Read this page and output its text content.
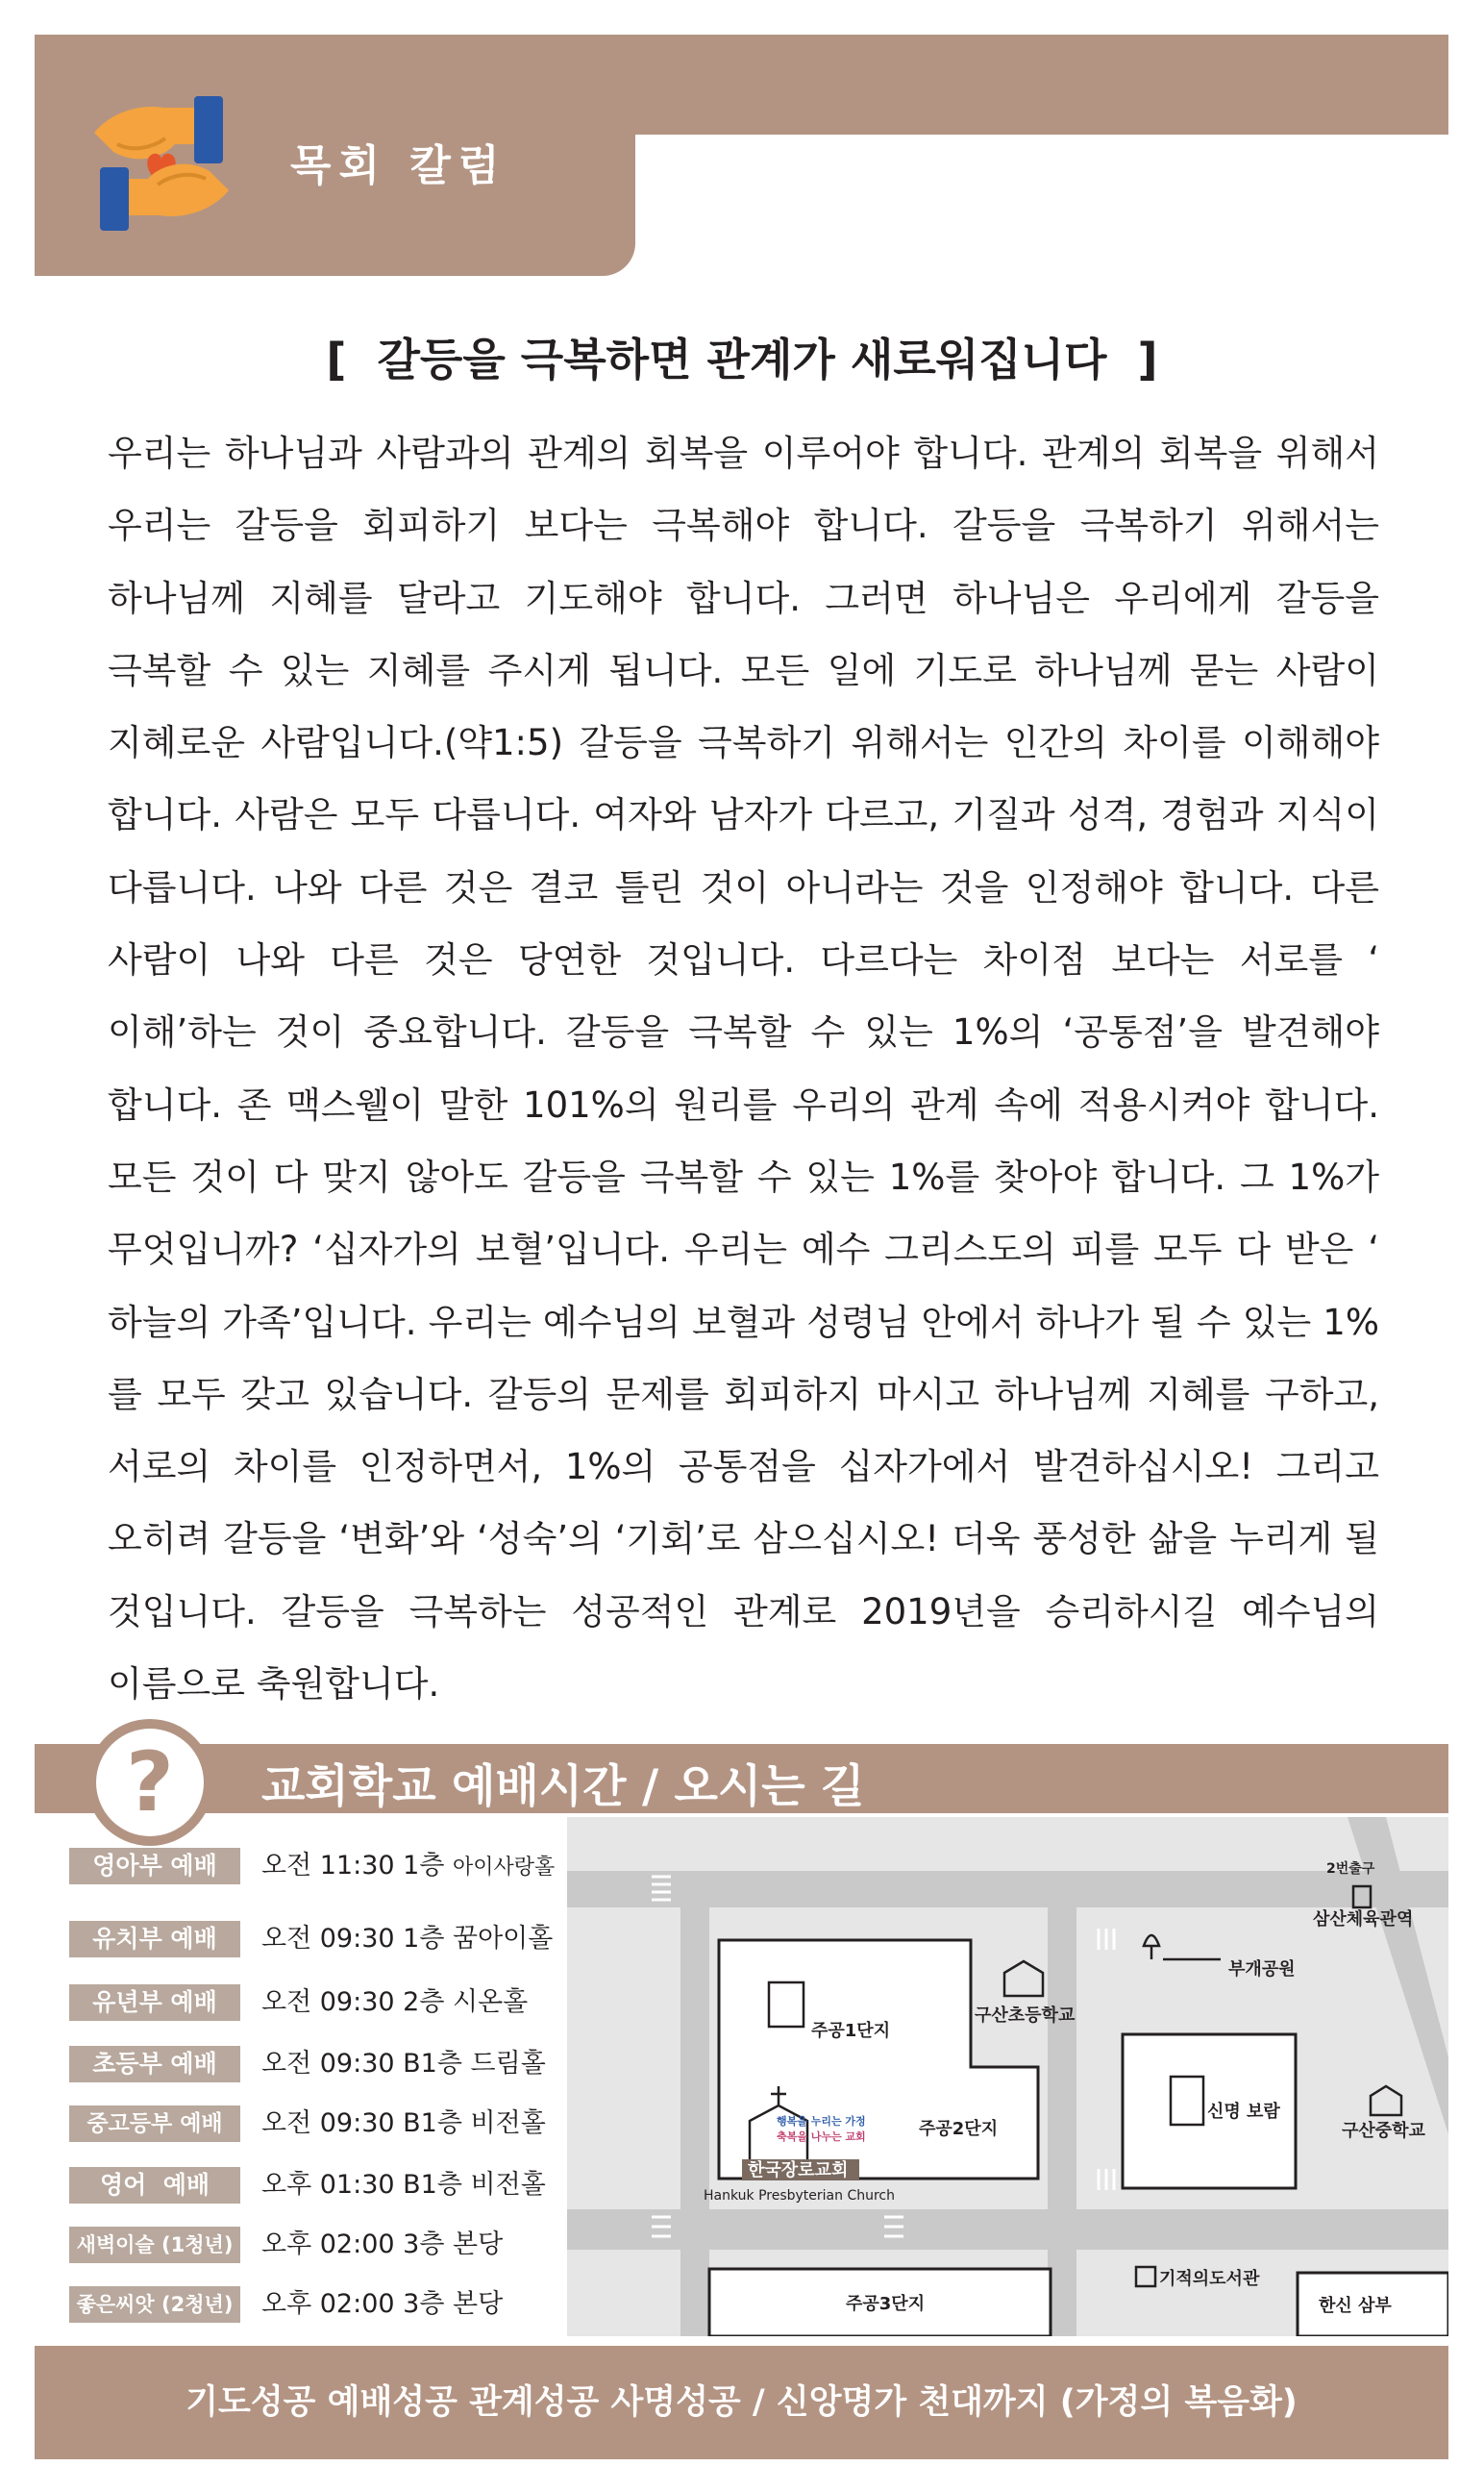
목회 칼럼
[  갈등을 극복하면 관계가 새로워집니다  ]
우리는 하나님과 사람과의 관계의 회복을 이루어야 합니다. 관계의 회복을 위해서
우리는 갈등을 회피하기 보다는 극복해야 합니다. 갈등을 극복하기 위해서는
하나님께 지혜를 달라고 기도해야 합니다. 그러면 하나님은 우리에게 갈등을
극복할 수 있는 지혜를 주시게 됩니다. 모든 일에 기도로 하나님께 묻는 사람이
지혜로운 사람입니다.(약1:5) 갈등을 극복하기 위해서는 인간의 차이를 이해해야
합니다. 사람은 모두 다릅니다. 여자와 남자가 다르고, 기질과 성격, 경험과 지식이
다릅니다. 나와 다른 것은 결코 틀린 것이 아니라는 것을 인정해야 합니다. 다른
사람이 나와 다른 것은 당연한 것입니다. 다르다는 차이점 보다는 서로를 ‘
이해’하는 것이 중요합니다. 갈등을 극복할 수 있는 1%의 ‘공통점’을 발견해야
합니다. 존 맥스웰이 말한 101%의 원리를 우리의 관계 속에 적용시켜야 합니다.
모든 것이 다 맞지 않아도 갈등을 극복할 수 있는 1%를 찾아야 합니다. 그 1%가
무엇입니까? ‘십자가의 보혈’입니다. 우리는 예수 그리스도의 피를 모두 다 받은 ‘
하늘의 가족’입니다. 우리는 예수님의 보혈과 성령님 안에서 하나가 될 수 있는 1%
를 모두 갖고 있습니다. 갈등의 문제를 회피하지 마시고 하나님께 지혜를 구하고,
서로의 차이를 인정하면서, 1%의 공통점을 십자가에서 발견하십시오! 그리고
오히려 갈등을 ‘변화’와 ‘성숙’의 ‘기회’로 삼으십시오! 더욱 풍성한 삶을 누리게 될
것입니다. 갈등을 극복하는 성공적인 관계로 2019년을 승리하시길 예수님의
이름으로 축원합니다.
?	교회학교 예배시간 / 오시는 길
영아부 예배	오전 11:30 1층 아이사랑홀
유치부 예배	오전 09:30 1층 꿈아이홀
유년부 예배	오전 09:30 2층 시온홀
초등부 예배	오전 09:30 B1층 드림홀
중고등부 예배	오전 09:30 B1층 비전홀
영어  예배	오후 01:30 B1층 비전홀
새벽이슬 (1청년) 오후 02:00 3층 본당
좋은씨앗 (2청년) 오후 02:00 3층 본당
2번출구
삼산체육관역
부개공원
주공1단지
구산초등학교
주공2단지
신명 보람
구산중학교
행복을 누리는 가정
축복을 나누는 교회
한국장로교회
Hankuk Presbyterian Church
주공3단지
기적의도서관
한신 삼부
기도성공 예배성공 관계성공 사명성공 / 신앙명가 천대까지 (가정의 복음화)
